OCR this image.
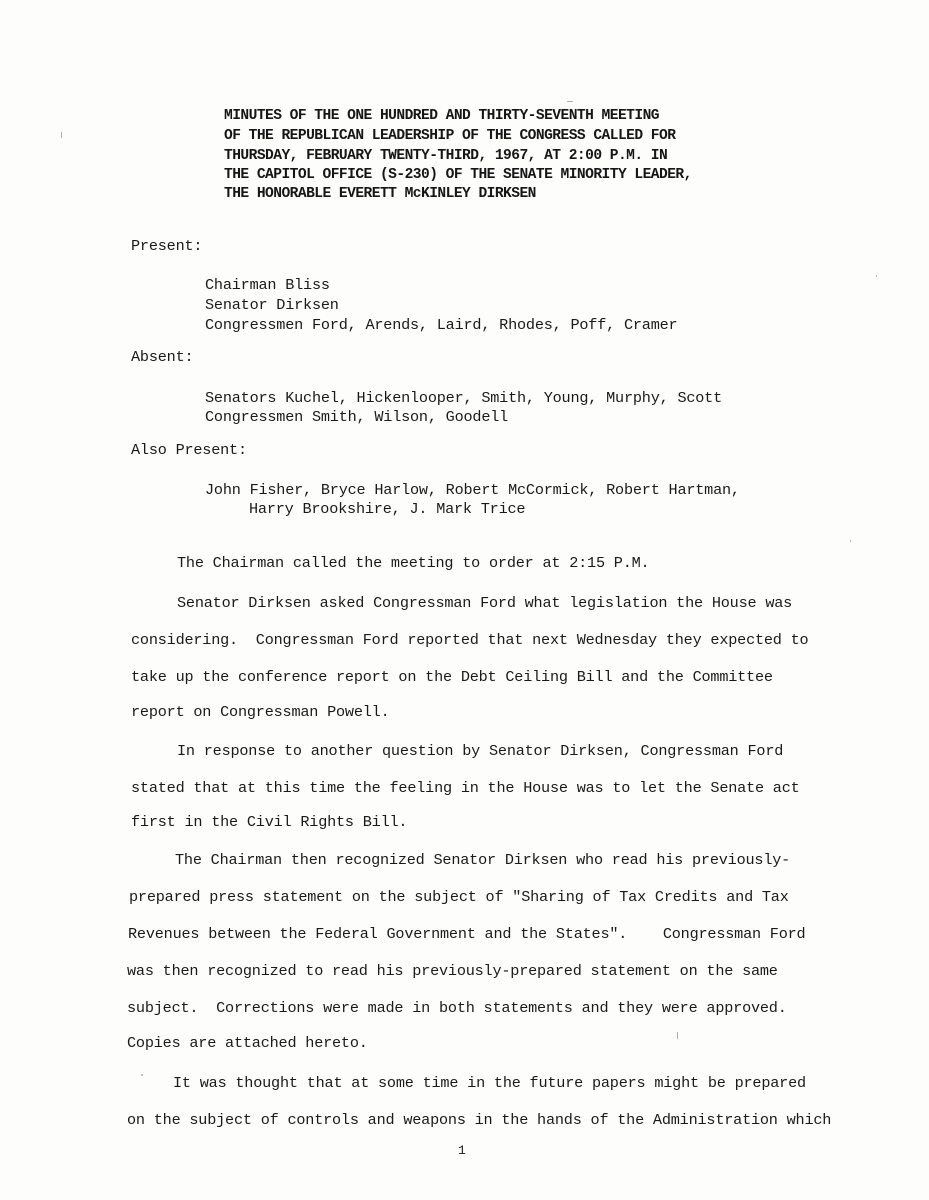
MINUTES OF THE ONE HUNDRED AND THIRTY-SEVENTH MEETING
OF THE REPUBLICAN LEADERSHIP OF THE CONGRESS CALLED FOR
THURSDAY, FEBRUARY TWENTY-THIRD, 1967, AT 2:00 P.M. IN
THE CAPITOL OFFICE (S-230) OF THE SENATE MINORITY LEADER,
THE HONORABLE EVERETT McKINLEY DIRKSEN
Present:
Chairman Bliss
Senator Dirksen
Congressmen Ford, Arends, Laird, Rhodes, Poff, Cramer
Absent:
Senators Kuchel, Hickenlooper, Smith, Young, Murphy, Scott
Congressmen Smith, Wilson, Goodell
Also Present:
John Fisher, Bryce Harlow, Robert McCormick, Robert Hartman,
Harry Brookshire, J. Mark Trice
The Chairman called the meeting to order at 2:15 P.M.
Senator Dirksen asked Congressman Ford what legislation the House was
considering.  Congressman Ford reported that next Wednesday they expected to
take up the conference report on the Debt Ceiling Bill and the Committee
report on Congressman Powell.
In response to another question by Senator Dirksen, Congressman Ford
stated that at this time the feeling in the House was to let the Senate act
first in the Civil Rights Bill.
The Chairman then recognized Senator Dirksen who read his previously-
prepared press statement on the subject of "Sharing of Tax Credits and Tax
Revenues between the Federal Government and the States".    Congressman Ford
was then recognized to read his previously-prepared statement on the same
subject.  Corrections were made in both statements and they were approved.
Copies are attached hereto.
It was thought that at some time in the future papers might be prepared
on the subject of controls and weapons in the hands of the Administration which
1
